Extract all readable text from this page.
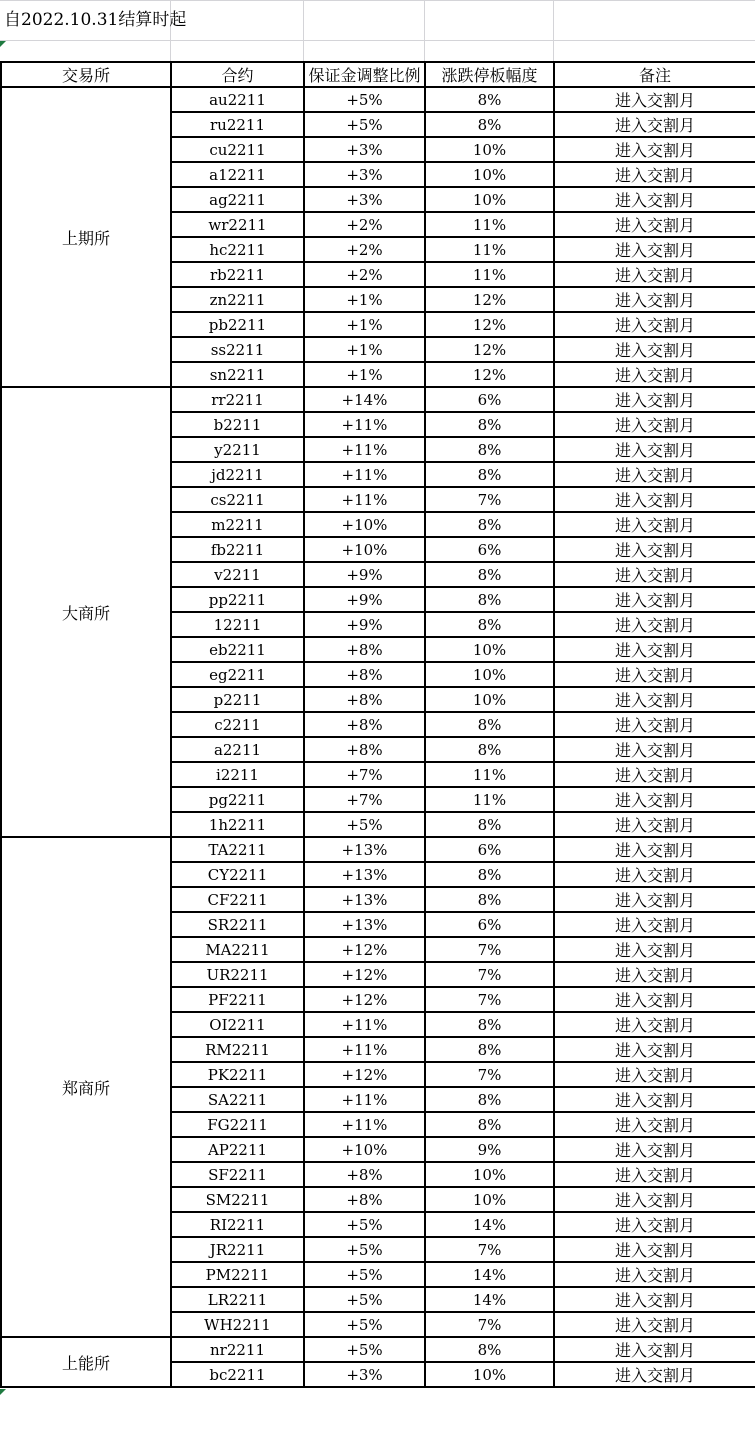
自2022.10.31结算时起
交易所	合约	保证金调整比例	涨跌停板幅度	备注
上期所	au2211	+5%	8%	进入交割月
	ru2211	+5%	8%	进入交割月
	cu2211	+3%	10%	进入交割月
	a12211	+3%	10%	进入交割月
	ag2211	+3%	10%	进入交割月
	wr2211	+2%	11%	进入交割月
	hc2211	+2%	11%	进入交割月
	rb2211	+2%	11%	进入交割月
	zn2211	+1%	12%	进入交割月
	pb2211	+1%	12%	进入交割月
	ss2211	+1%	12%	进入交割月
	sn2211	+1%	12%	进入交割月
大商所	rr2211	+14%	6%	进入交割月
	b2211	+11%	8%	进入交割月
	y2211	+11%	8%	进入交割月
	jd2211	+11%	8%	进入交割月
	cs2211	+11%	7%	进入交割月
	m2211	+10%	8%	进入交割月
	fb2211	+10%	6%	进入交割月
	v2211	+9%	8%	进入交割月
	pp2211	+9%	8%	进入交割月
	12211	+9%	8%	进入交割月
	eb2211	+8%	10%	进入交割月
	eg2211	+8%	10%	进入交割月
	p2211	+8%	10%	进入交割月
	c2211	+8%	8%	进入交割月
	a2211	+8%	8%	进入交割月
	i2211	+7%	11%	进入交割月
	pg2211	+7%	11%	进入交割月
	1h2211	+5%	8%	进入交割月
郑商所	TA2211	+13%	6%	进入交割月
	CY2211	+13%	8%	进入交割月
	CF2211	+13%	8%	进入交割月
	SR2211	+13%	6%	进入交割月
	MA2211	+12%	7%	进入交割月
	UR2211	+12%	7%	进入交割月
	PF2211	+12%	7%	进入交割月
	OI2211	+11%	8%	进入交割月
	RM2211	+11%	8%	进入交割月
	PK2211	+12%	7%	进入交割月
	SA2211	+11%	8%	进入交割月
	FG2211	+11%	8%	进入交割月
	AP2211	+10%	9%	进入交割月
	SF2211	+8%	10%	进入交割月
	SM2211	+8%	10%	进入交割月
	RI2211	+5%	14%	进入交割月
	JR2211	+5%	7%	进入交割月
	PM2211	+5%	14%	进入交割月
	LR2211	+5%	14%	进入交割月
	WH2211	+5%	7%	进入交割月
上能所	nr2211	+5%	8%	进入交割月
	bc2211	+3%	10%	进入交割月
